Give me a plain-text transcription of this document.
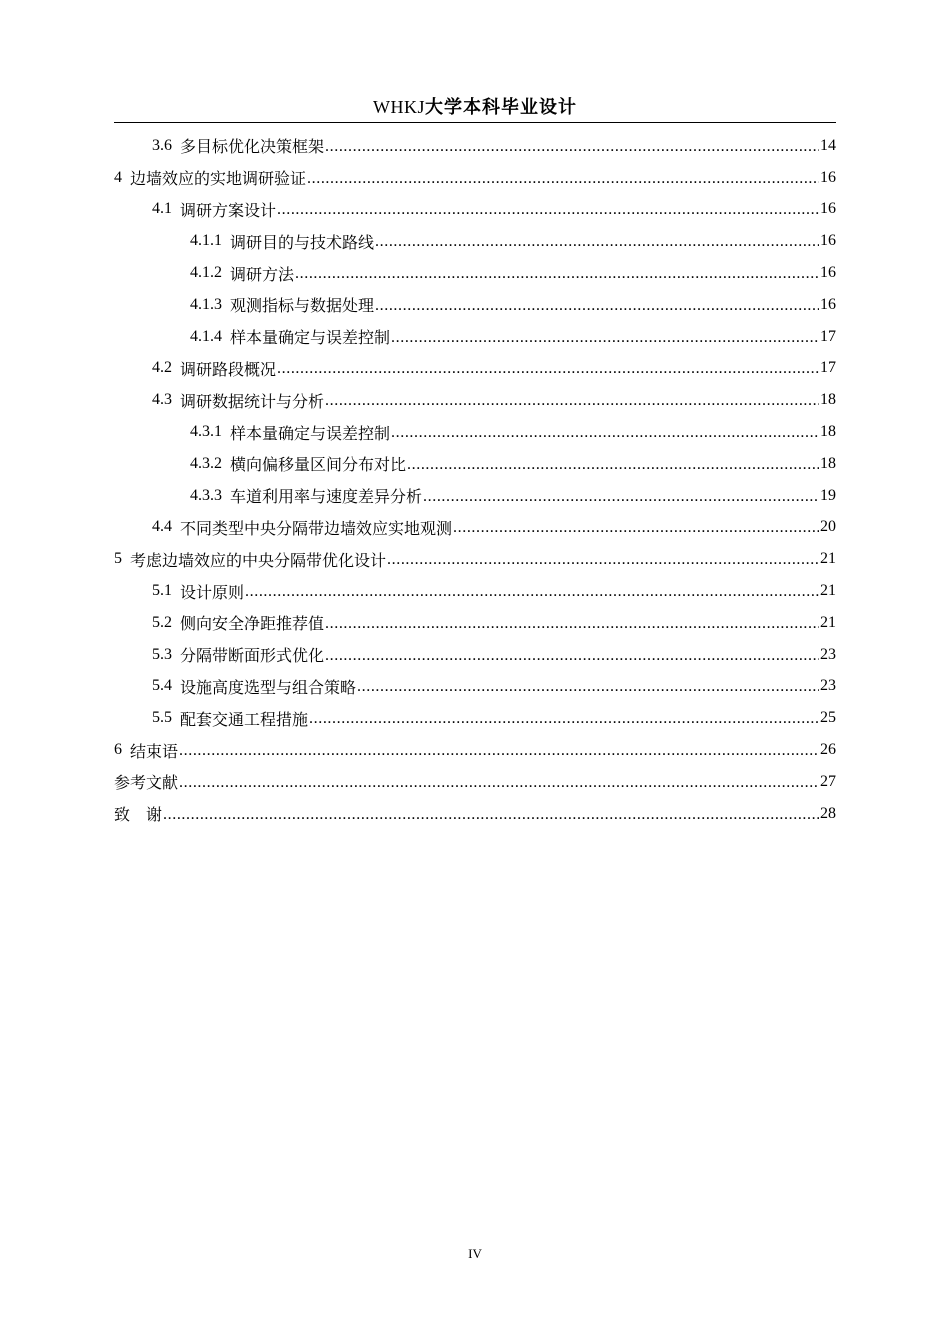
WHKJ大学本科毕业设计
3.6 多目标优化决策框架 .....	14
4 边墙效应的实地调研验证 .....	16
4.1 调研方案设计 .....	16
4.1.1 调研目的与技术路线 .....	16
4.1.2 调研方法 .....	16
4.1.3 观测指标与数据处理 .....	16
4.1.4 样本量确定与误差控制 .....	17
4.2 调研路段概况 .....	17
4.3 调研数据统计与分析 .....	18
4.3.1 样本量确定与误差控制 .....	18
4.3.2 横向偏移量区间分布对比 .....	18
4.3.3 车道利用率与速度差异分析 .....	19
4.4 不同类型中央分隔带边墙效应实地观测 .....	20
5 考虑边墙效应的中央分隔带优化设计 .....	21
5.1 设计原则 .....	21
5.2 侧向安全净距推荐值 .....	21
5.3 分隔带断面形式优化 .....	23
5.4 设施高度选型与组合策略 .....	23
5.5 配套交通工程措施 .....	25
6 结束语 .....	26
参考文献 .....	27
致　谢 .....	28
IV
